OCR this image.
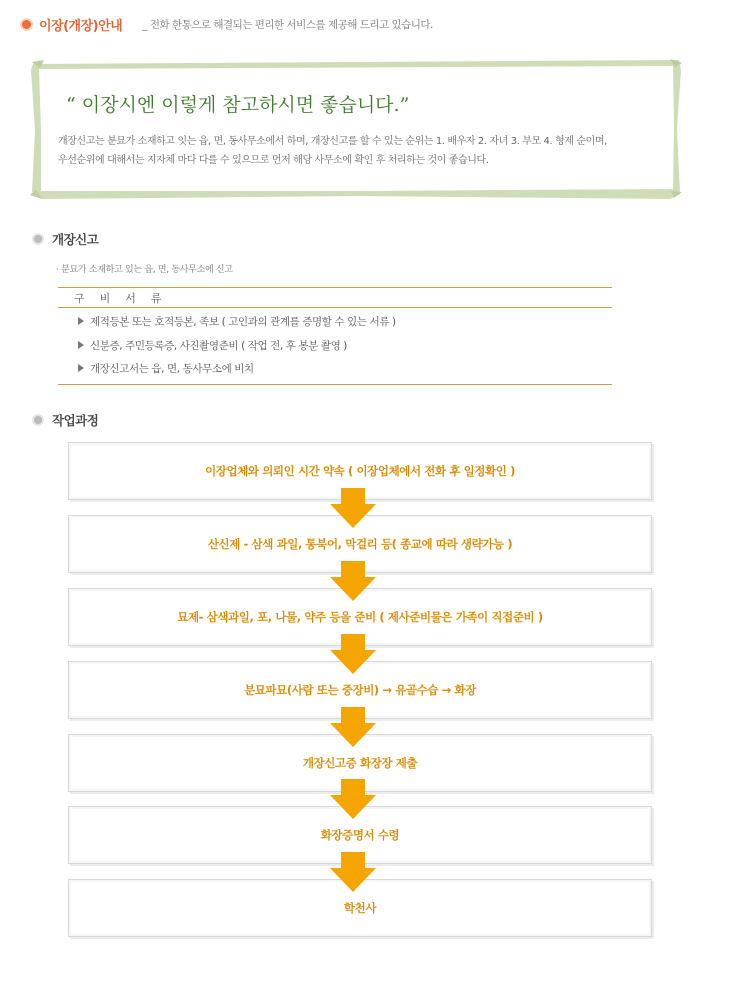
이장(개장)안내 _ 전화 한통으로 해결되는 편리한 서비스를 제공해 드리고 있습니다.
“ 이장시엔 이렇게 참고하시면 좋습니다.”
개장신고는 분묘가 소재하고 잇는 읍, 면, 동사무소에서 하며, 개장신고를 할 수 있는 순위는 1. 배우자 2. 자녀 3. 부모 4. 형제 순이며,
우선순위에 대해서는 지자체 마다 다를 수 있으므로 먼저 해당 사무소에 확인 후 처리하는 것이 좋습니다.
개장신고
· 분묘가 소재하고 있는 읍, 면, 동사무소에 신고
구비서류
제적등본 또는 호적등본, 족보 ( 고인과의 관계를 증명할 수 있는 서류 )
신분증, 주민등록증, 사진촬영준비 ( 작업 전, 후 봉분 촬영 )
개장신고서는 읍, 면, 동사무소에 비치
작업과정
이장업체와 의뢰인 시간 약속 ( 이장업체에서 전화 후 일정확인 )
산신제 - 삼색 과일, 통북어, 막걸리 등( 종교에 따라 생략가능 )
묘제- 삼색과일, 포, 나물, 약주 등을 준비 ( 제사준비물은 가족이 직접준비 )
분묘파묘(사람 또는 중장비) → 유골수습 → 화장
개장신고증 화장장 제출
화장증명서 수령
학천사
